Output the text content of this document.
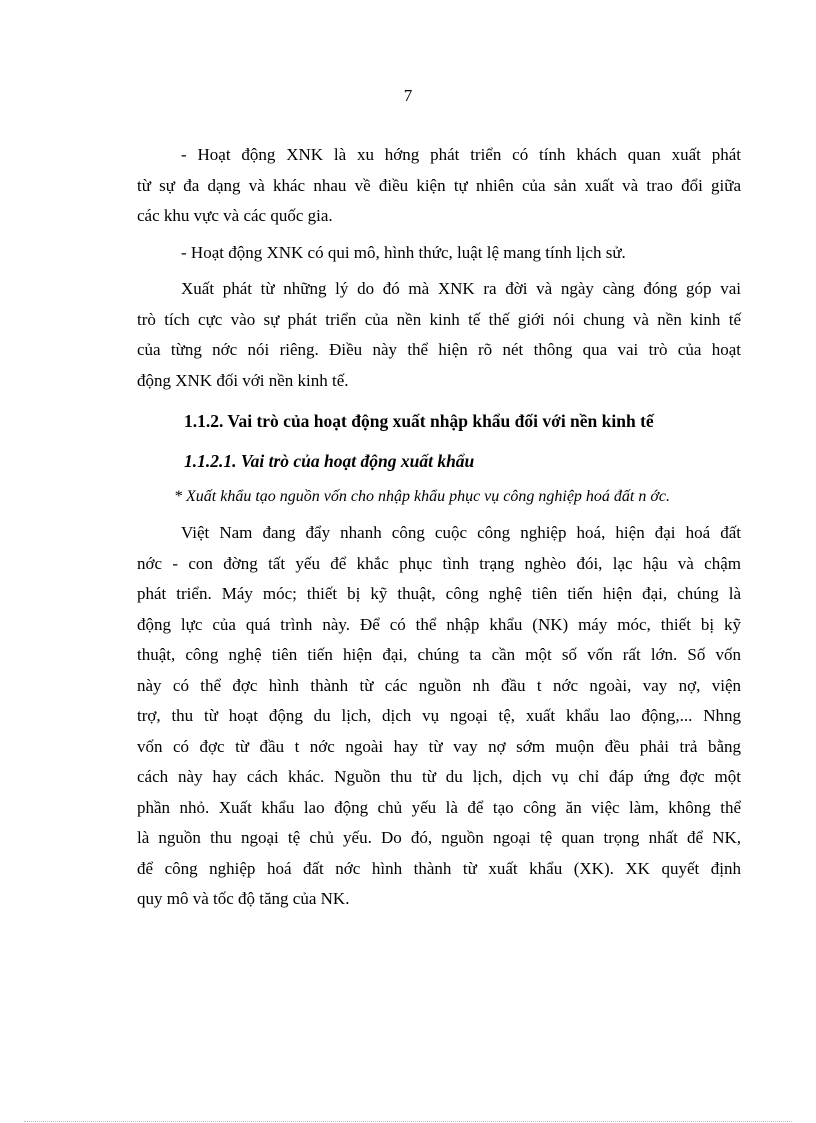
7
- Hoạt động XNK là xu hớng phát triển có tính khách quan xuất phát
từ sự đa dạng và khác nhau về điều kiện tự nhiên của sản xuất và trao đổi giữa
các khu vực và các quốc gia.
- Hoạt động XNK có qui mô, hình thức, luật lệ mang tính lịch sử.
Xuất phát từ những lý do đó mà XNK ra đời và ngày càng đóng góp vai
trò tích cực vào sự phát triển của nền kinh tế thế giới nói chung và nền kinh tế
của từng nớc nói riêng. Điều này thể hiện rõ nét thông qua vai trò của hoạt
động XNK đối với nền kinh tế.
1.1.2. Vai trò của hoạt động xuất nhập khẩu đối với nền kinh tế
1.1.2.1. Vai trò của hoạt động xuất khẩu
* Xuất khẩu tạo nguồn vốn cho nhập khẩu phục vụ công nghiệp hoá đất n ớc.
Việt Nam đang đẩy nhanh công cuộc công nghiệp hoá, hiện đại hoá đất
nớc - con đờng tất yếu để khắc phục tình trạng nghèo đói, lạc hậu và chậm
phát triển. Máy móc; thiết bị kỹ thuật, công nghệ tiên tiến hiện đại, chúng là
động lực của quá trình này. Để có thể nhập khẩu (NK) máy móc, thiết bị kỹ
thuật, công nghệ tiên tiến hiện đại, chúng ta cần một số vốn rất lớn. Số vốn
này có thể đợc hình thành từ các nguồn nh đầu t nớc ngoài, vay nợ, viện
trợ, thu từ hoạt động du lịch, dịch vụ ngoại tệ, xuất khẩu lao động,... Nhng
vốn có đợc từ đầu t nớc ngoài hay từ vay nợ sớm muộn đều phải trả bằng
cách này hay cách khác. Nguồn thu từ du lịch, dịch vụ chỉ đáp ứng đợc một
phần nhỏ. Xuất khẩu lao động chủ yếu là để tạo công ăn việc làm, không thể
là nguồn thu ngoại tệ chủ yếu. Do đó, nguồn ngoại tệ quan trọng nhất để NK,
để công nghiệp hoá đất nớc hình thành từ xuất khẩu (XK). XK quyết định
quy mô và tốc độ tăng của NK.
